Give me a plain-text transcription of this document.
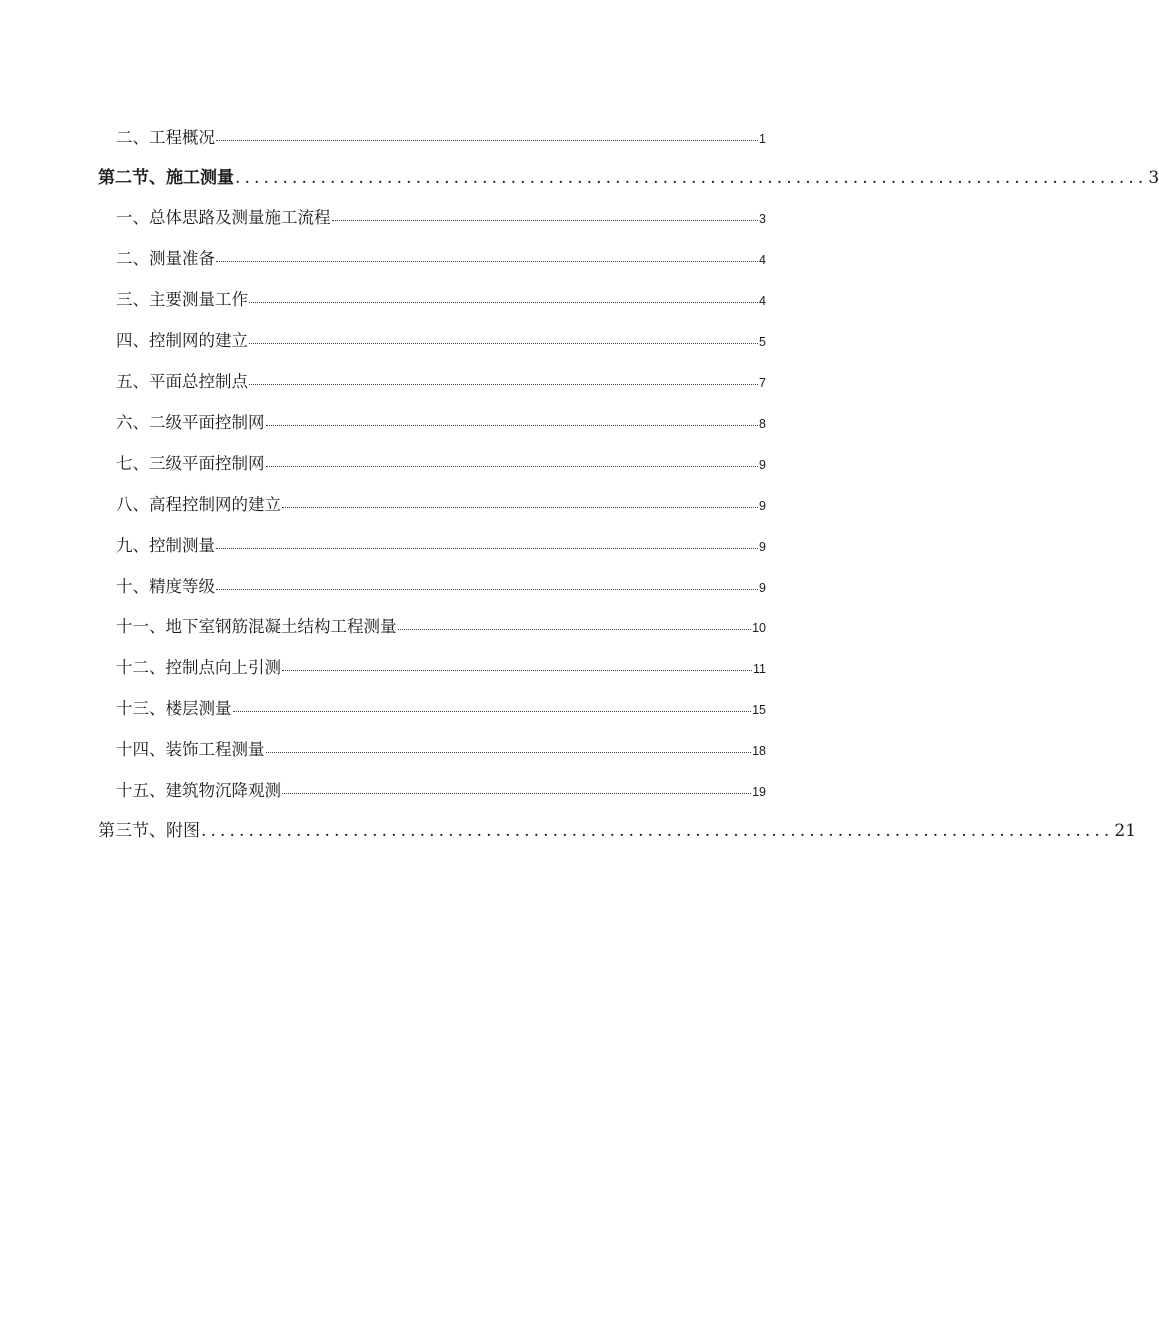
二、工程概况	1
第二节、施工测量 ................................................................................................ 3
一、总体思路及测量施工流程	3
二、测量准备	4
三、主要测量工作	4
四、控制网的建立	5
五、平面总控制点	7
六、二级平面控制网	8
七、三级平面控制网	9
八、高程控制网的建立	9
九、控制测量	9
十、精度等级	9
十一、地下室钢筋混凝土结构工程测量	10
十二、控制点向上引测	11
十三、楼层测量	15
十四、装饰工程测量	18
十五、建筑物沉降观测	19
第三节、附图 ................................................................................................ 21
